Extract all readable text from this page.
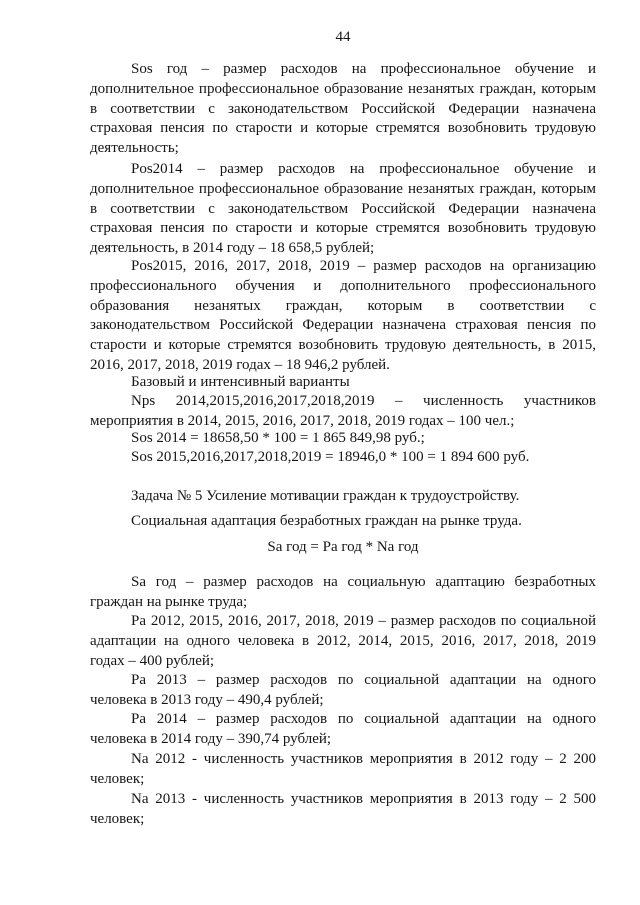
44
Sos год – размер расходов на профессиональное обучение и
дополнительное профессиональное образование незанятых граждан, которым
в соответствии с законодательством Российской Федерации назначена
страховая пенсия по старости и которые стремятся возобновить трудовую
деятельность;
Pos2014 – размер расходов на профессиональное обучение и
дополнительное профессиональное образование незанятых граждан, которым
в соответствии с законодательством Российской Федерации назначена
страховая пенсия по старости и которые стремятся возобновить трудовую
деятельность, в 2014 году – 18 658,5 рублей;
Pos2015, 2016, 2017, 2018, 2019 – размер расходов на организацию
профессионального обучения и дополнительного профессионального
образования незанятых граждан, которым в соответствии с
законодательством Российской Федерации назначена страховая пенсия по
старости и которые стремятся возобновить трудовую деятельность, в 2015,
2016, 2017, 2018, 2019 годах – 18 946,2 рублей.
Базовый и интенсивный варианты
Nps 2014,2015,2016,2017,2018,2019 – численность участников
мероприятия в 2014, 2015, 2016, 2017, 2018, 2019 годах – 100 чел.;
Sos 2014 = 18658,50 * 100 = 1 865 849,98 руб.;
Sos 2015,2016,2017,2018,2019 = 18946,0 * 100 = 1 894 600 руб.
Задача № 5 Усиление мотивации граждан к трудоустройству.
Социальная адаптация безработных граждан на рынке труда.
Sa год = Pa год * Na год
Sa год – размер расходов на социальную адаптацию безработных
граждан на рынке труда;
Pa 2012, 2015, 2016, 2017, 2018, 2019 – размер расходов по социальной
адаптации на одного человека в 2012, 2014, 2015, 2016, 2017, 2018, 2019
годах – 400 рублей;
Pa 2013 – размер расходов по социальной адаптации на одного
человека в 2013 году – 490,4 рублей;
Pa 2014 – размер расходов по социальной адаптации на одного
человека в 2014 году – 390,74 рублей;
Na 2012 - численность участников мероприятия в 2012 году – 2 200
человек;
Na 2013 - численность участников мероприятия в 2013 году – 2 500
человек;
